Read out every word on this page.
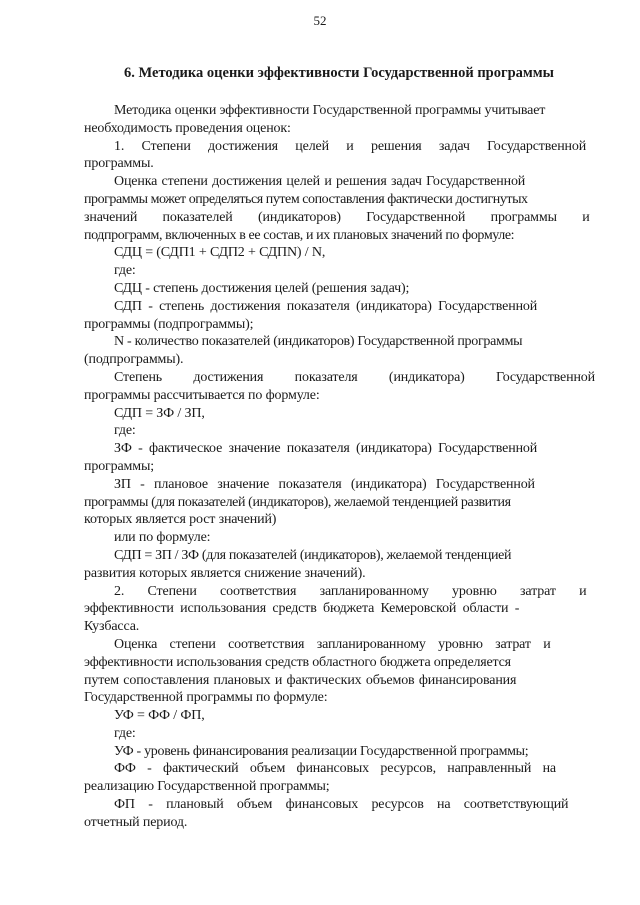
52
6. Методика оценки эффективности Государственной программы

Методика оценки эффективности Государственной программы учитывает

необходимость проведения оценок:

1. Степени достижения целей и решения задач Государственной

программы.

Оценка степени достижения целей и решения задач Государственной

программы может определяться путем сопоставления фактически достигнутых

значений показателей (индикаторов) Государственной программы и

подпрограмм, включенных в ее состав, и их плановых значений по формуле:

СДЦ = (СДП1 + СДП2 + СДПN) / N,

где:

СДЦ - степень достижения целей (решения задач);

СДП - степень достижения показателя (индикатора) Государственной

программы (подпрограммы);

N - количество показателей (индикаторов) Государственной программы

(подпрограммы).

Степень достижения показателя (индикатора) Государственной

программы рассчитывается по формуле:

СДП = ЗФ / ЗП,

где:

ЗФ - фактическое значение показателя (индикатора) Государственной

программы;

ЗП - плановое значение показателя (индикатора) Государственной

программы (для показателей (индикаторов), желаемой тенденцией развития

которых является рост значений)

или по формуле:

СДП = ЗП / ЗФ (для показателей (индикаторов), желаемой тенденцией

развития которых является снижение значений).

2. Степени соответствия запланированному уровню затрат и

эффективности использования средств бюджета Кемеровской области -

Кузбасса.

Оценка степени соответствия запланированному уровню затрат и

эффективности использования средств областного бюджета определяется

путем сопоставления плановых и фактических объемов финансирования

Государственной программы по формуле:

УФ = ФФ / ФП,

где:

УФ - уровень финансирования реализации Государственной программы;

ФФ - фактический объем финансовых ресурсов, направленный на

реализацию Государственной программы;

ФП - плановый объем финансовых ресурсов на соответствующий

отчетный период.
